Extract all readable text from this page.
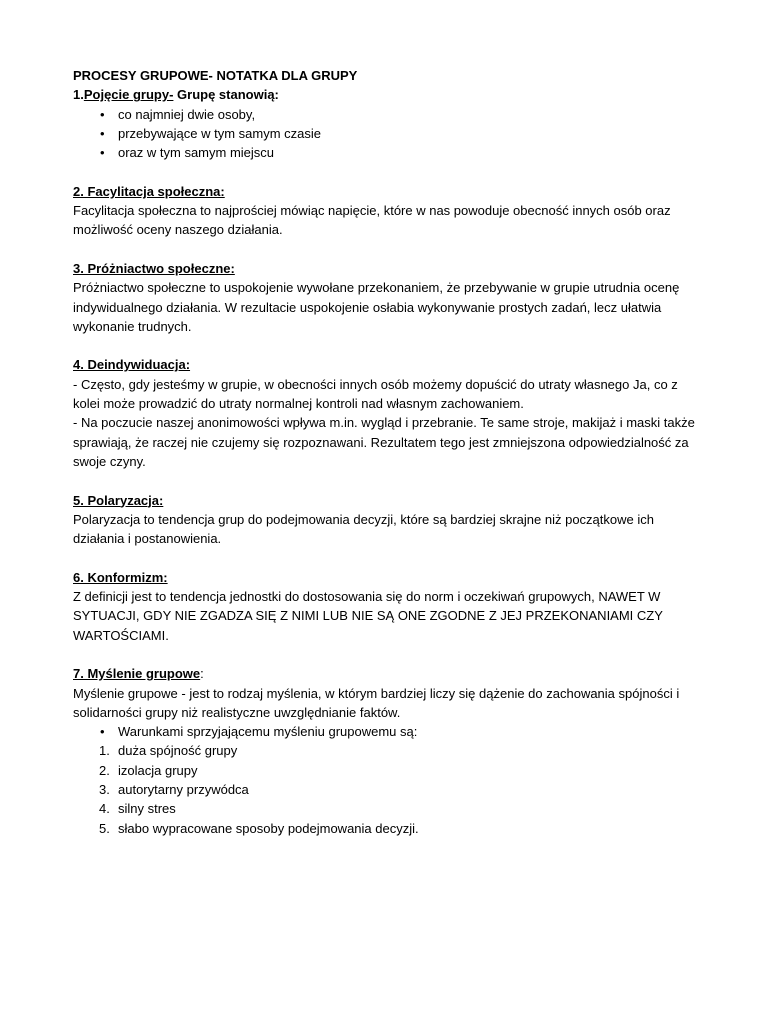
PROCESY GRUPOWE- NOTATKA DLA GRUPY
1.Pojęcie grupy- Grupę stanowią:
• co najmniej dwie osoby,
• przebywające w tym samym czasie
• oraz w tym samym miejscu
2. Facylitacja społeczna:
Facylitacja społeczna to najprościej mówiąc napięcie, które w nas powoduje obecność innych osób oraz
możliwość oceny naszego działania.
3. Próżniactwo społeczne:
Próżniactwo społeczne to uspokojenie wywołane przekonaniem, że przebywanie w grupie utrudnia ocenę
indywidualnego działania. W rezultacie uspokojenie osłabia wykonywanie prostych zadań, lecz ułatwia
wykonanie trudnych.
4. Deindywiduacja:
- Często, gdy jesteśmy w grupie, w obecności innych osób możemy dopuścić do utraty własnego Ja, co z
kolei może prowadzić do utraty normalnej kontroli nad własnym zachowaniem.
- Na poczucie naszej anonimowości wpływa m.in. wygląd i przebranie. Te same stroje, makijaż i maski także
sprawiają, że raczej nie czujemy się rozpoznawani. Rezultatem tego jest zmniejszona odpowiedzialność za
swoje czyny.
5. Polaryzacja:
Polaryzacja to tendencja grup do podejmowania decyzji, które są bardziej skrajne niż początkowe ich
działania i postanowienia.
6. Konformizm:
Z definicji jest to tendencja jednostki do dostosowania się do norm i oczekiwań grupowych, NAWET W
SYTUACJI, GDY NIE ZGADZA SIĘ Z NIMI LUB NIE SĄ ONE ZGODNE Z JEJ PRZEKONANIAMI CZY
WARTOŚCIAMI.
7. Myślenie grupowe:
Myślenie grupowe - jest to rodzaj myślenia, w którym bardziej liczy się dążenie do zachowania spójności i
solidarności grupy niż realistyczne uwzględnianie faktów.
• Warunkami sprzyjającemu myśleniu grupowemu są:
1. duża spójność grupy
2. izolacja grupy
3. autorytarny przywódca
4. silny stres
5. słabo wypracowane sposoby podejmowania decyzji.
